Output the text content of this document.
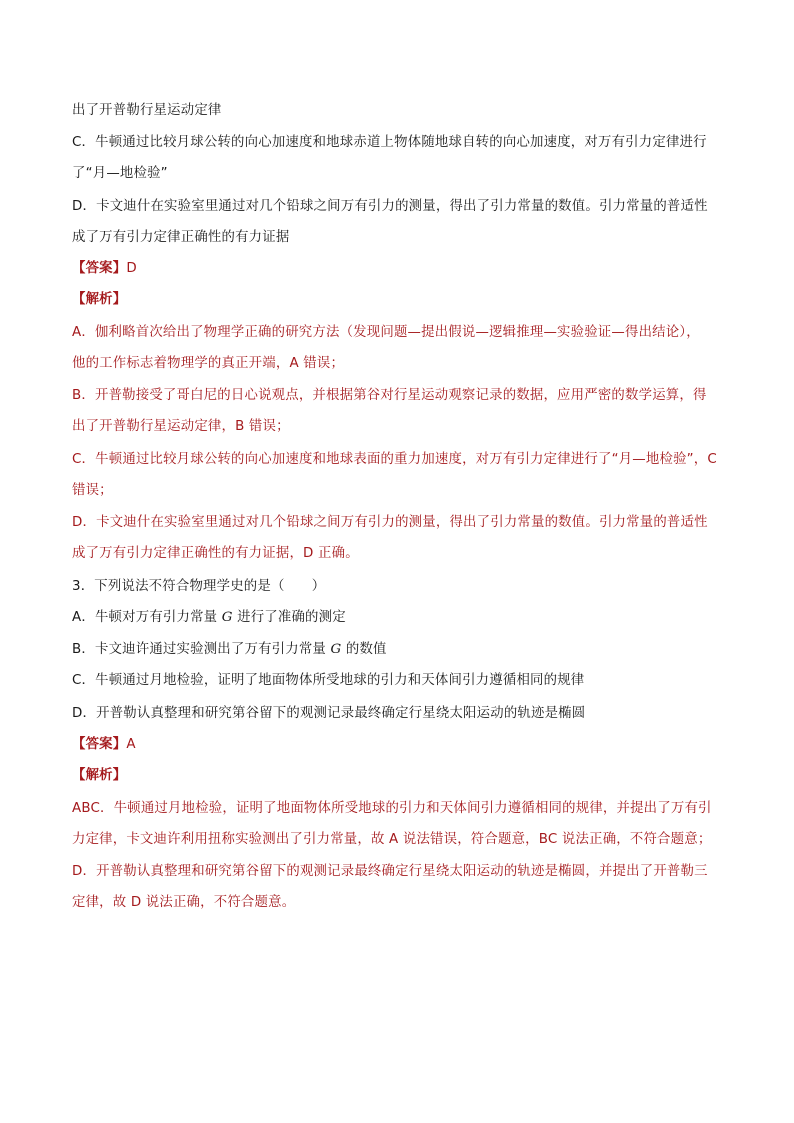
出了开普勒行星运动定律
C．牛顿通过比较月球公转的向心加速度和地球赤道上物体随地球自转的向心加速度，对万有引力定律进行
了“月—地检验”
D．卡文迪什在实验室里通过对几个铅球之间万有引力的测量，得出了引力常量的数值。引力常量的普适性
成了万有引力定律正确性的有力证据
【答案】D
【解析】
A．伽利略首次给出了物理学正确的研究方法（发现问题—提出假说—逻辑推理—实验验证—得出结论），
他的工作标志着物理学的真正开端，A 错误；
B．开普勒接受了哥白尼的日心说观点，并根据第谷对行星运动观察记录的数据，应用严密的数学运算，得
出了开普勒行星运动定律，B 错误；
C．牛顿通过比较月球公转的向心加速度和地球表面的重力加速度，对万有引力定律进行了“月—地检验”，C
错误；
D．卡文迪什在实验室里通过对几个铅球之间万有引力的测量，得出了引力常量的数值。引力常量的普适性
成了万有引力定律正确性的有力证据，D 正确。
3．下列说法不符合物理学史的是（　　）
A．牛顿对万有引力常量 G 进行了准确的测定
B．卡文迪许通过实验测出了万有引力常量 G 的数值
C．牛顿通过月地检验，证明了地面物体所受地球的引力和天体间引力遵循相同的规律
D．开普勒认真整理和研究第谷留下的观测记录最终确定行星绕太阳运动的轨迹是椭圆
【答案】A
【解析】
ABC．牛顿通过月地检验，证明了地面物体所受地球的引力和天体间引力遵循相同的规律，并提出了万有引
力定律，卡文迪许利用扭称实验测出了引力常量，故 A 说法错误，符合题意，BC 说法正确，不符合题意；
D．开普勒认真整理和研究第谷留下的观测记录最终确定行星绕太阳运动的轨迹是椭圆，并提出了开普勒三
定律，故 D 说法正确，不符合题意。
